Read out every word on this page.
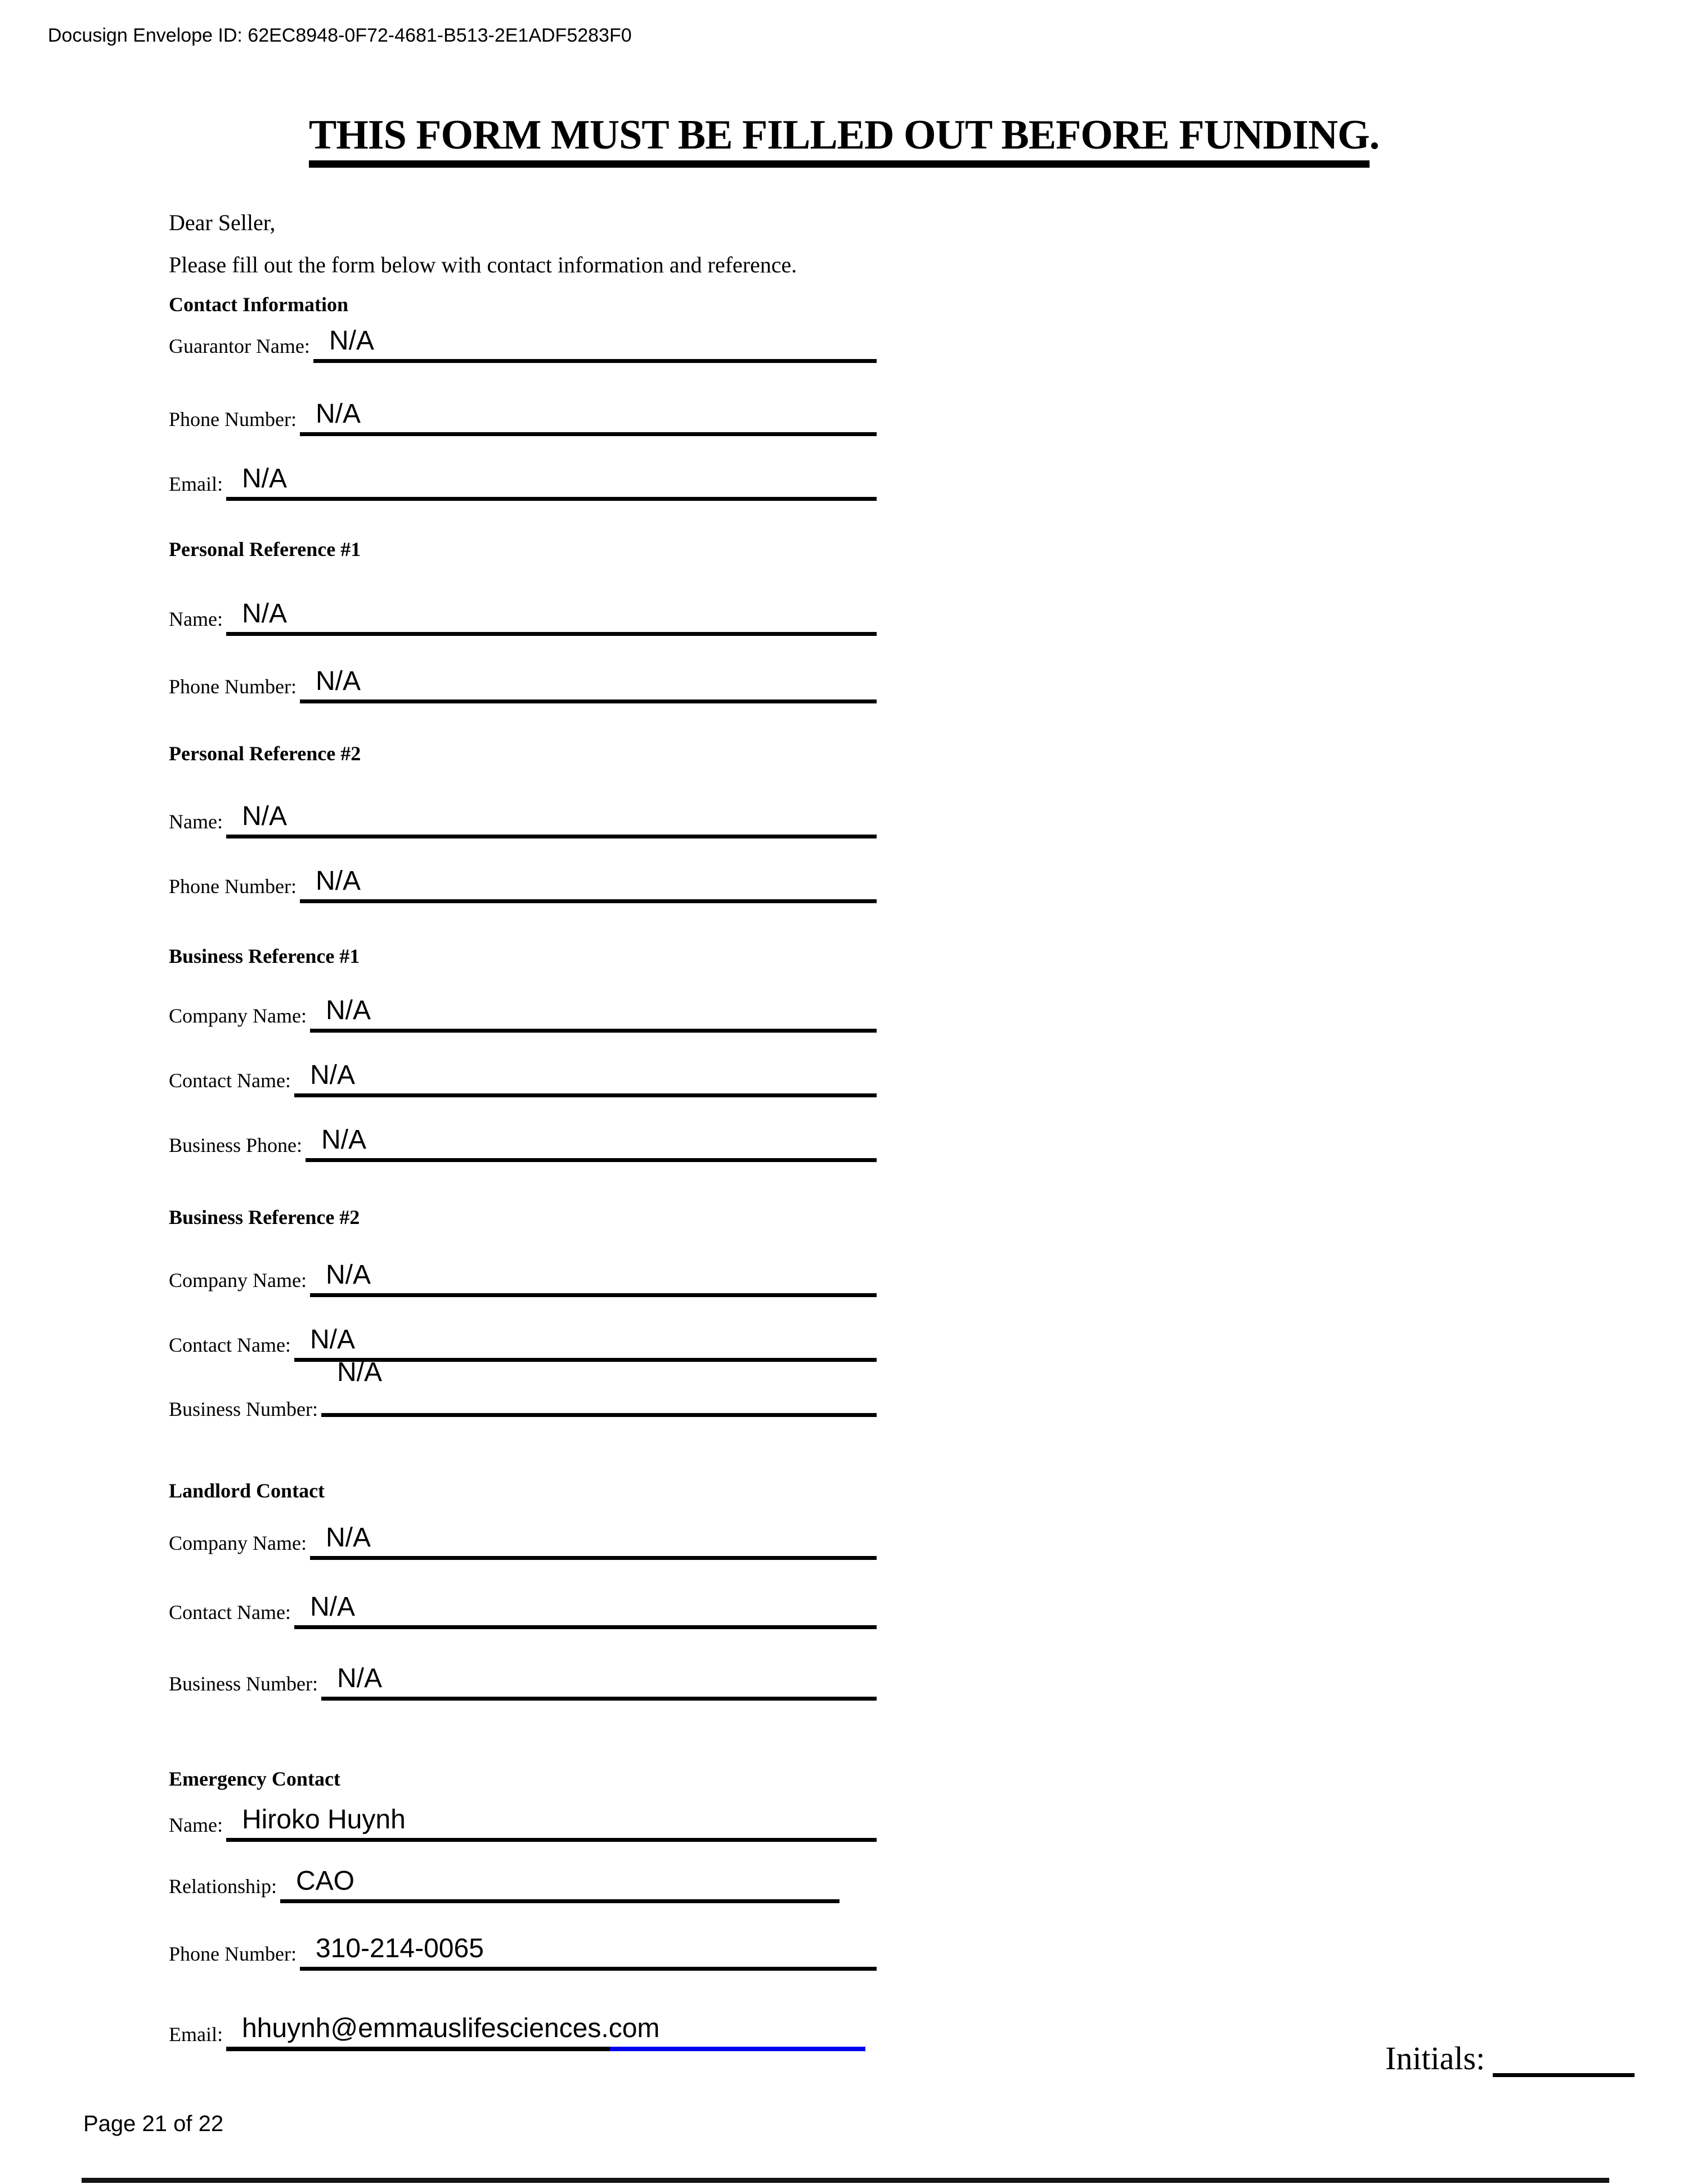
Docusign Envelope ID: 62EC8948-0F72-4681-B513-2E1ADF5283F0
THIS FORM MUST BE FILLED OUT BEFORE FUNDING.
Dear Seller,
Please fill out the form below with contact information and reference.
Contact Information
Guarantor Name: N/A
Phone Number: N/A
Email: N/A
Personal Reference #1
Name: N/A
Phone Number: N/A
Personal Reference #2
Name: N/A
Phone Number: N/A
Business Reference #1
Company Name: N/A
Contact Name: N/A
Business Phone: N/A
Business Reference #2
Company Name: N/A
Contact Name: N/A
Business Number:
N/A
Landlord Contact
Company Name: N/A
Contact Name: N/A
Business Number: N/A
Emergency Contact
Name: Hiroko Huynh
Relationship: CAO
Phone Number: 310-214-0065
Email: hhuynh@emmauslifesciences.com
Initials:
Page 21 of 22
